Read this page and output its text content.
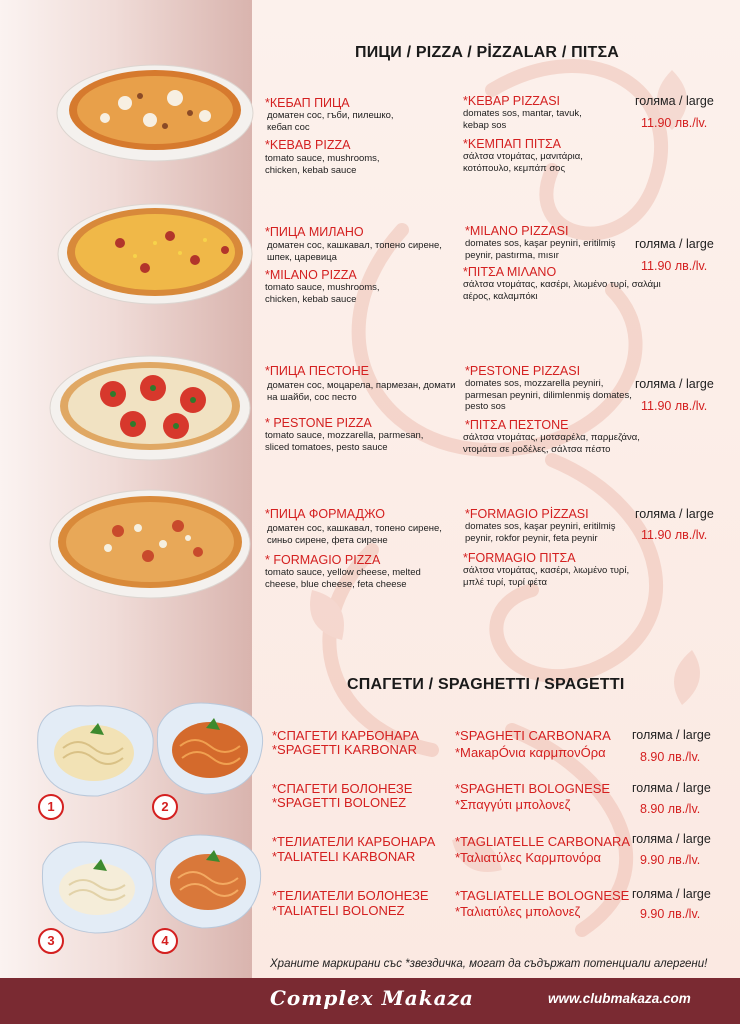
ПИЦИ / PIZZA / PİZZALAR / ΠΙΤΣΑ
*КЕБАП ПИЦА
доматен сос, гъби, пилешко, кебап сос
*KEBAB PIZZA
tomato sauce, mushrooms, chicken, kebab sauce
*KEBAP PIZZASI
domates sos, mantar, tavuk, kebap sos
*ΚΕΜΠΑΠ ΠΙΤΣΑ
σάλτσα ντομάτας, μανιτάρια, κοτόπουλο, κεμπάπ σος
голяма / large
11.90 лв./lv.
*ПИЦА МИЛАНО
доматен сос, кашкавал, топено сирене, шпек, царевица
*MILANO PIZZA
tomato sauce, mushrooms, chicken, kebab sauce
*MILANO PIZZASI
domates sos, kaşar peyniri, eritilmiş peynir, pastırma, mısır
*ΠΙΤΣΑ ΜΙΛΑΝΟ
σάλτσα ντομάτας, κασέρι, λιωμένο τυρί, σαλάμι αέρος, καλαμπόκι
голяма / large
11.90 лв./lv.
*ПИЦА ПЕСТОНЕ
доматен сос, моцарела, пармезан, домати на шайби, сос песто
* PESTONE PIZZA
tomato sauce, mozzarella, parmesan, sliced tomatoes, pesto sauce
*PESTONE PIZZASI
domates sos, mozzarella peyniri, parmesan peyniri, dilimlenmiş domates, pesto sos
*ΠΙΤΣΑ ΠΕΣΤΟΝΕ
σάλτσα ντομάτας, μοτσαρέλα, παρμεζάνα, ντομάτα σε ροδέλες, σάλτσα πέστο
голяма / large
11.90 лв./lv.
*ПИЦА ФОРМАДЖО
доматен сос, кашкавал, топено сирене, синьо сирене, фета сирене
* FORMAGIO PIZZA
tomato sauce, yellow cheese, melted cheese, blue cheese, feta cheese
*FORMAGIO PİZZASI
domates sos, kaşar peyniri, eritilmiş peynir, rokfor peynir, feta peynir
*FORMAGIO ΠΙΤΣΑ
σάλτσα ντομάτας, κασέρι, λιωμένο τυρί, μπλέ τυρί, τυρί φέτα
голяма / large
11.90 лв./lv.
СПАГЕТИ / SPAGHETTI / SPAGETTI
1	2
3	4
*СПАГЕТИ КАРБОНАРА
*SPAGETTI KARBONAR
*SPAGHETI CARBONARA
*МакарÓνια καρμπονÓρα
голяма / large
8.90 лв./lv.
*СПАГЕТИ БОЛОНЕЗЕ
*SPAGETTI BOLONEZ
*SPAGHETI BOLOGNESE
*Σπαγγύτι μπολονεζ
голяма / large
8.90 лв./lv.
*ТЕЛИАТЕЛИ КАРБОНАРА
*TALIATELI KARBONAR
*TAGLIATELLE CARBONARA
*Ταλιατύλες Καρμπονόρα
голяма / large
9.90 лв./lv.
*ТЕЛИАТЕЛИ БОЛОНЕЗЕ
*TALIATELI BOLONEZ
*TAGLIATELLE BOLOGNESE
*Ταλιατύλες μπολονεζ
голяма / large
9.90 лв./lv.
Храните маркирани със *звездичка, могат да съдържат потенциали алергени!
Complex Makaza	www.clubmakaza.com
